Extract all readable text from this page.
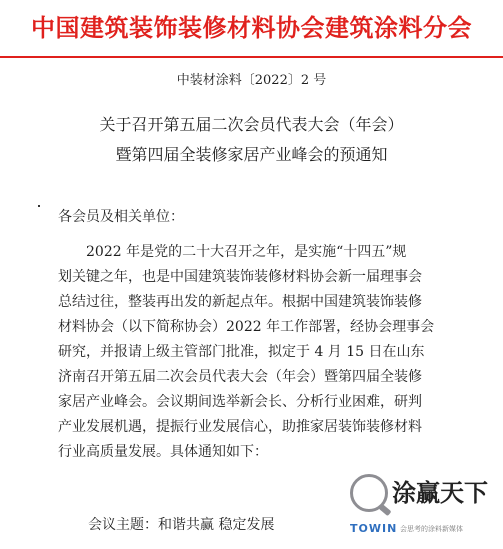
中国建筑装饰装修材料协会建筑涂料分会
中装材涂料〔2022〕2 号
关于召开第五届二次会员代表大会（年会）
暨第四届全装修家居产业峰会的预通知
各会员及相关单位：
2022 年是党的二十大召开之年，是实施“十四五”规
划关键之年，也是中国建筑装饰装修材料协会新一届理事会
总结过往，整装再出发的新起点年。根据中国建筑装饰装修
材料协会（以下简称协会）2022 年工作部署，经协会理事会
研究，并报请上级主管部门批准，拟定于 4 月 15 日在山东
济南召开第五届二次会员代表大会（年会）暨第四届全装修
家居产业峰会。会议期间选举新会长、分析行业困难，研判
产业发展机遇，提振行业发展信心，助推家居装饰装修材料
行业高质量发展。具体通知如下：
会议主题：和谐共赢 稳定发展
涂赢天下
TOWIN 会思考的涂料新媒体
